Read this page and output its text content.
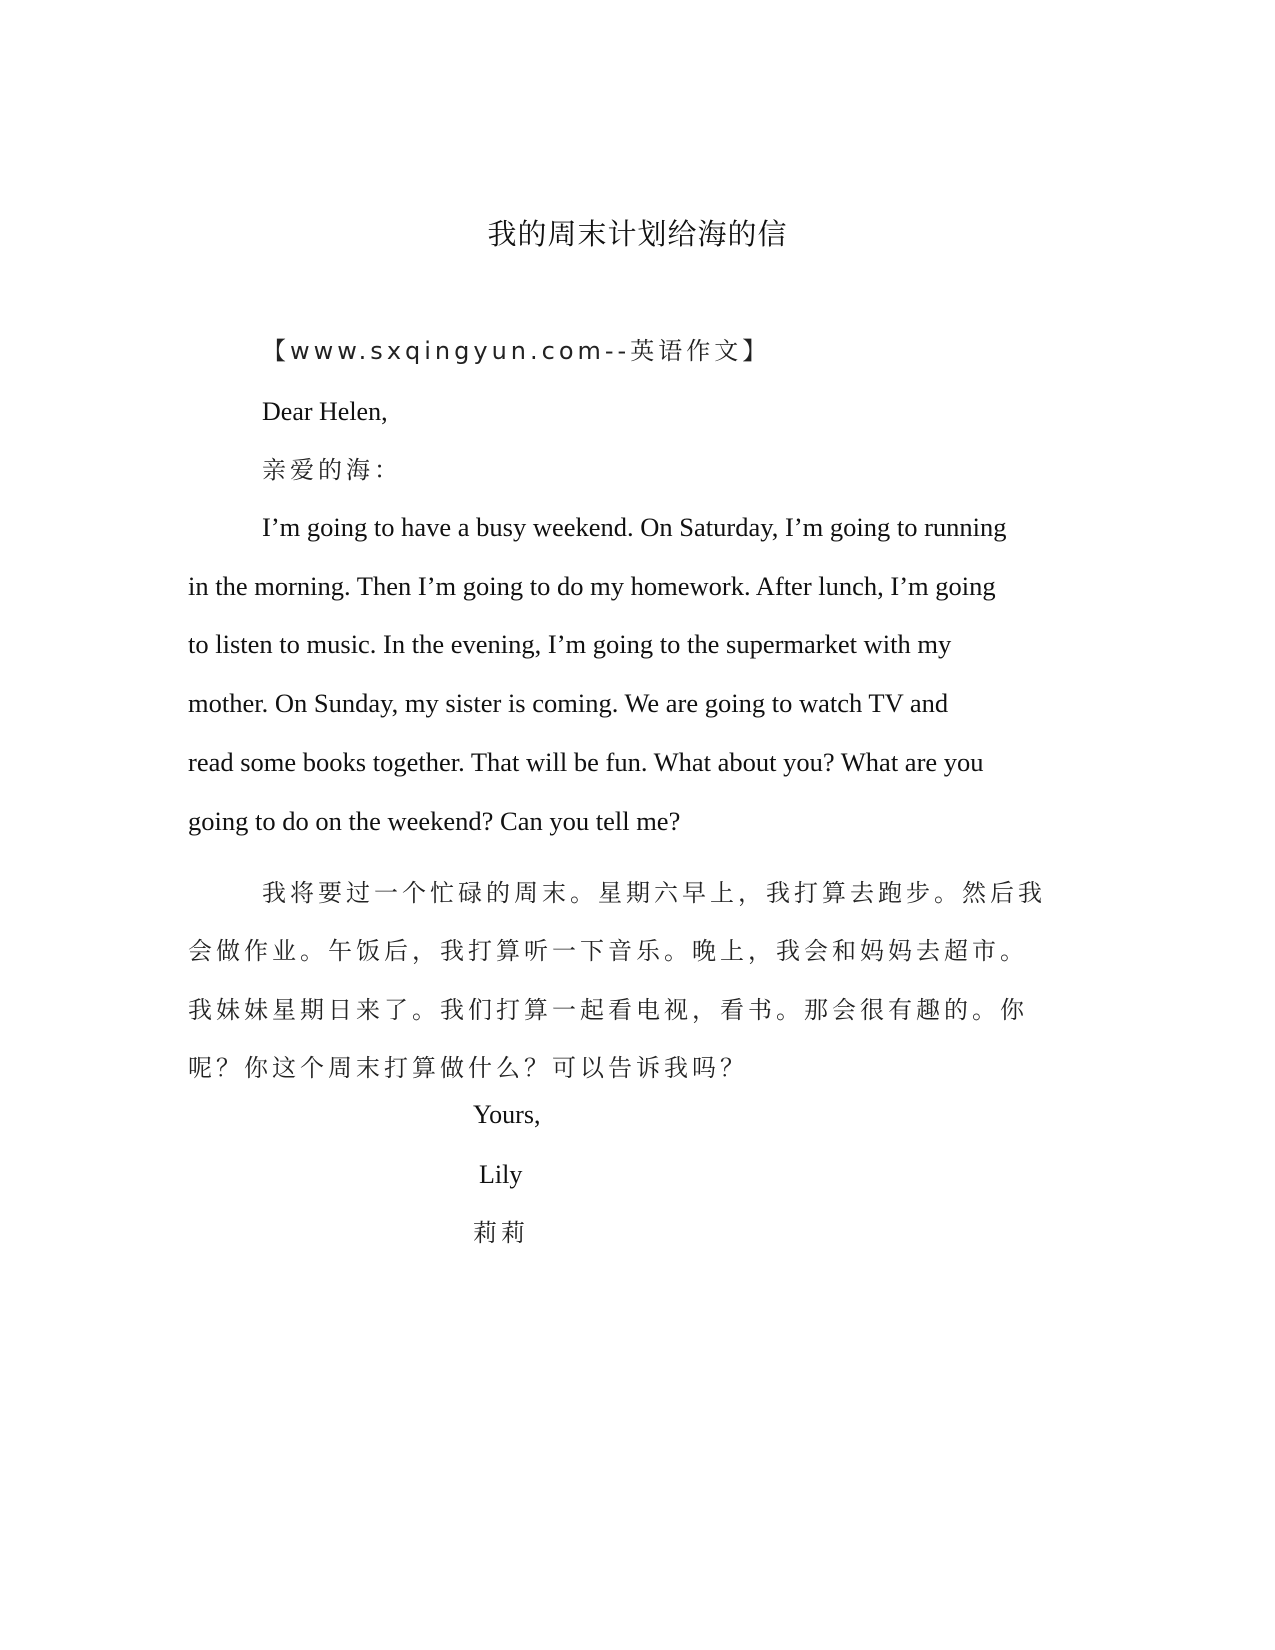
我的周末计划给海的信
【www.sxqingyun.com--英语作文】
Dear Helen,
亲爱的海：
I’m going to have a busy weekend. On Saturday, I’m going to running
in the morning. Then I’m going to do my homework. After lunch, I’m going
to listen to music. In the evening, I’m going to the supermarket with my
mother. On Sunday, my sister is coming. We are going to watch TV and
read some books together. That will be fun. What about you? What are you
going to do on the weekend? Can you tell me?
我将要过一个忙碌的周末。星期六早上，我打算去跑步。然后我
会做作业。午饭后，我打算听一下音乐。晚上，我会和妈妈去超市。
我妹妹星期日来了。我们打算一起看电视，看书。那会很有趣的。你
呢？你这个周末打算做什么？可以告诉我吗？
Yours,
Lily
莉莉
